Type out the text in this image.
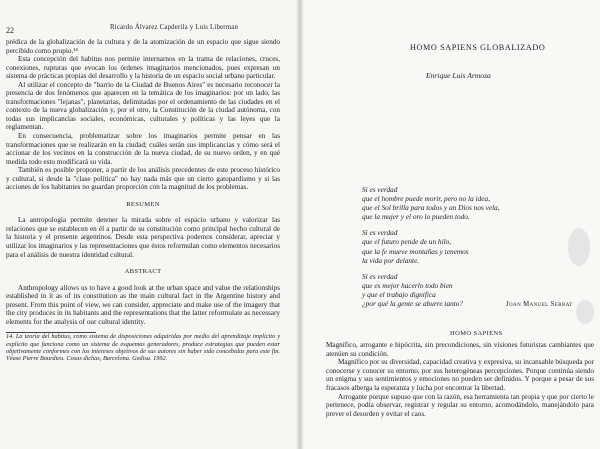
22	Ricardo Álvarez Capderila y Luis Liberman

prédica de la globalización de la cultura y de la atomización de un espacio que sigue siendo percibido como propio.¹⁴

Esta concepción del habitus nos permite internarnos en la trama de relaciones, cruces, conexiones, rupturas que evocan los órdenes imaginarios mencionados, pues expresan un sistema de prácticas propias del desarrollo y la historia de un espacio social urbano particular.

Al utilizar el concepto de "barrio de la Ciudad de Buenos Aires" es necesario reconocer la presencia de dos fenómenos que aparecen en la temática de los imaginarios: por un lado, las transformaciones "lejanas", planetarias, delimitadas por el ordenamiento de las ciudades en el contexto de la nueva globalización y, por el otro, la Constitución de la ciudad autónoma, con todas sus implicancias sociales, económicas, culturales y políticas y las leyes que la reglamentan.

En consecuencia, problematizar sobre los imaginarios permite pensar en las transformaciones que se realizarán en la ciudad; cuáles serán sus implicancias y cómo será el accionar de los vecinos en la construcción de la nueva ciudad, de su nuevo orden, y en qué medida todo esto modificará su vida.

También es posible proponer, a partir de los análisis precedentes de este proceso histórico y cultural, si desde la "clase política" no hay nada más que un cierto gatopardismo y si las acciones de los habitantes no guardan proporción con la magnitud de los problemas.

RESUMEN

La antropología permite detener la mirada sobre el espacio urbano y valorizar las relaciones que se establecen en él a partir de su constitución como principal hecho cultural de la historia y el presente argentinos. Desde esta perspectiva podemos considerar, apreciar y utilizar los imaginarios y las representaciones que éstos reformulan como elementos necesarios para el análisis de nuestra identidad cultural.

ABSTRACT

Anthropology allows us to have a good look at the urban space and value the relationships established in it as of its constitution as the main cultural fact in the Argentine history and present. From this point of view, we can consider, appreciate and make use of the imagery that the city produces in its habitants and the representations that the latter reformulate as necessary elements for the analysis of our cultural identity.

14. La teoría del habitus, como sistema de disposiciones adquiridas por medio del aprendizaje implícito y explícito que funciona como un sistema de esquemas generadores, produce estrategias que pueden estar objetivamente conformes con los intereses objetivos de sus autores sin haber sido concebidas para este fin. Véase Pierre Bourdieu. Cosas dichas, Barcelona. Gedisa. 1992.

HOMO SAPIENS GLOBALIZADO
Enrique Luis Armoza

Si es verdad

que el hombre puede morir, pero no la idea,

que el Sol brilla para todos y un Dios nos vela,

que la mujer y el oro lo pueden todo.

Si es verdad

que el futuro pende de un hilo,

que la fe mueve montañas y tenemos

la vida por delante.

Si es verdad

que es mejor hacerlo todo bien

y que el trabajo dignifica

¿por qué la gente se aburre tanto?	Joan Manuel Serrat
HOMO SAPIENS

Magnífico, arrogante e hipócrita, sin precondiciones, sin visiones futuristas cambiantes que atenúen su condición.

Magnífico por su diversidad, capacidad creativa y expresiva, su incansable búsqueda por conocerse y conocer su entorno, por sus heterogéneas percepciones. Porque continúa siendo un enigma y sus sentimientos y emociones no pueden ser definidos. Y porque a pesar de sus fracasos alberga la esperanza y lucha por encontrar la libertad.

Arrogante porque supuso que con la razón, esa herramienta tan propia y que por cierto le pertenece, podía observar, registrar y regular su entorno, acomodándolo, manejándolo para prever el desorden y evitar el caos.
